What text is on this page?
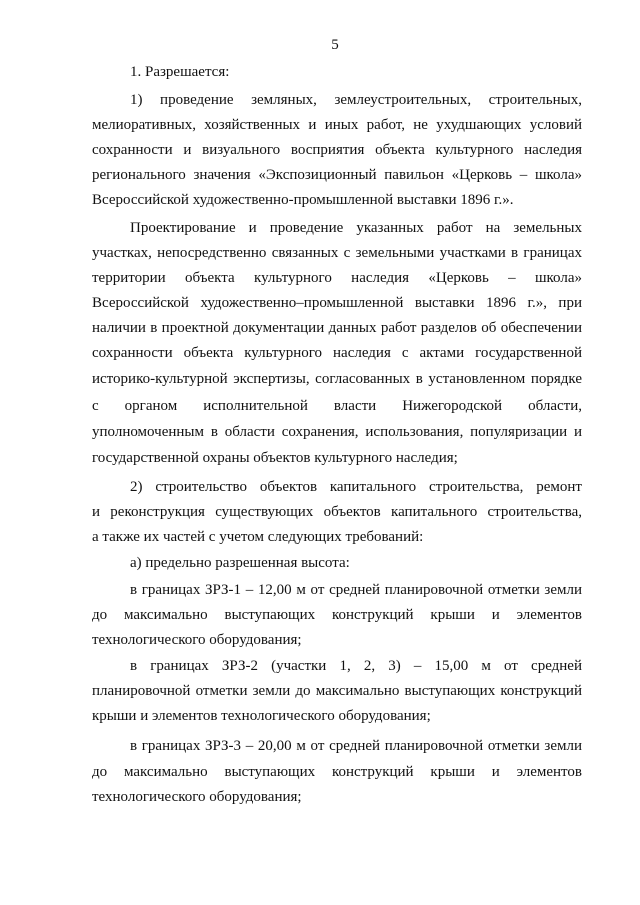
5
1. Разрешается:
1) проведение земляных, землеустроительных, строительных,
мелиоративных, хозяйственных и иных работ, не ухудшающих условий
сохранности и визуального восприятия объекта культурного наследия
регионального значения «Экспозиционный павильон «Церковь – школа»
Всероссийской художественно-промышленной выставки 1896 г.».
Проектирование и проведение указанных работ на земельных
участках, непосредственно связанных с земельными участками в границах
территории объекта культурного наследия «Церковь – школа»
Всероссийской художественно–промышленной выставки 1896 г.», при
наличии в проектной документации данных работ разделов об обеспечении
сохранности объекта культурного наследия с актами государственной
историко-культурной экспертизы, согласованных в установленном порядке
с органом исполнительной власти Нижегородской области,
уполномоченным в области сохранения, использования, популяризации и
государственной охраны объектов культурного наследия;
2) строительство объектов капитального строительства, ремонт
и реконструкция существующих объектов капитального строительства,
а также их частей с учетом следующих требований:
а) предельно разрешенная высота:
в границах ЗРЗ-1 – 12,00 м от средней планировочной отметки земли
до максимально выступающих конструкций крыши и элементов
технологического оборудования;
в границах ЗРЗ-2 (участки 1, 2, 3) – 15,00 м от средней
планировочной отметки земли до максимально выступающих конструкций
крыши и элементов технологического оборудования;
в границах ЗРЗ-3 – 20,00 м от средней планировочной отметки земли
до максимально выступающих конструкций крыши и элементов
технологического оборудования;
